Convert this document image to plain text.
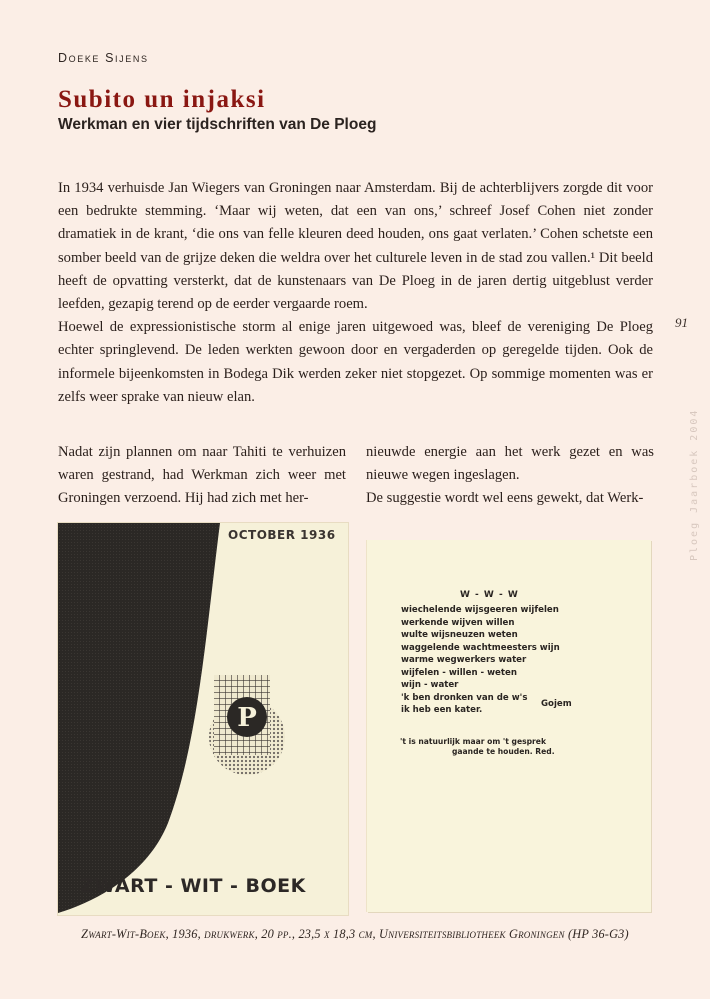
Doeke Sijens
Subito un injaksi
Werkman en vier tijdschriften van De Ploeg

In 1934 verhuisde Jan Wiegers van Groningen naar Amsterdam. Bij de achterblijvers zorgde dit voor een bedrukte stemming. ‘Maar wij weten, dat een van ons,’ schreef Josef Cohen niet zonder dramatiek in de krant, ‘die ons van felle kleuren deed houden, ons gaat verlaten.’ Cohen schetste een somber beeld van de grijze deken die weldra over het culturele leven in de stad zou vallen.¹ Dit beeld heeft de opvatting versterkt, dat de kunstenaars van De Ploeg in de jaren dertig uitgeblust verder leefden, gezapig terend op de eerder vergaarde roem.

Hoewel de expressionistische storm al enige jaren uitgewoed was, bleef de vereniging De Ploeg echter springlevend. De leden werkten gewoon door en vergaderden op geregelde tijden. Ook de informele bijeenkomsten in Bodega Dik werden zeker niet stopgezet. Op sommige momenten was er zelfs weer sprake van nieuw elan.

91
Ploeg Jaarboek 2004

Nadat zijn plannen om naar Tahiti te verhuizen waren gestrand, had Werkman zich weer met Groningen verzoend. Hij had zich met her-

nieuwde energie aan het werk gezet en was nieuwe wegen ingeslagen.

De suggestie wordt wel eens gewekt, dat Werk-

OCTOBER 1936
P
ZWART - WIT - BOEK
W - W - W
wiechelende wijsgeeren wijfelen
werkende wijven willen
wulte wijsneuzen weten
waggelende wachtmeesters wijn
warme wegwerkers water
wijfelen - willen - weten
wijn - water
'k ben dronken van de w's
ik heb een kater.
Gojem
't is natuurlijk maar om 't gesprek
gaande te houden. Red.
Zwart-Wit-Boek, 1936, drukwerk, 20 pp., 23,5 x 18,3 cm, Universiteitsbibliotheek Groningen (HP 36-G3)
